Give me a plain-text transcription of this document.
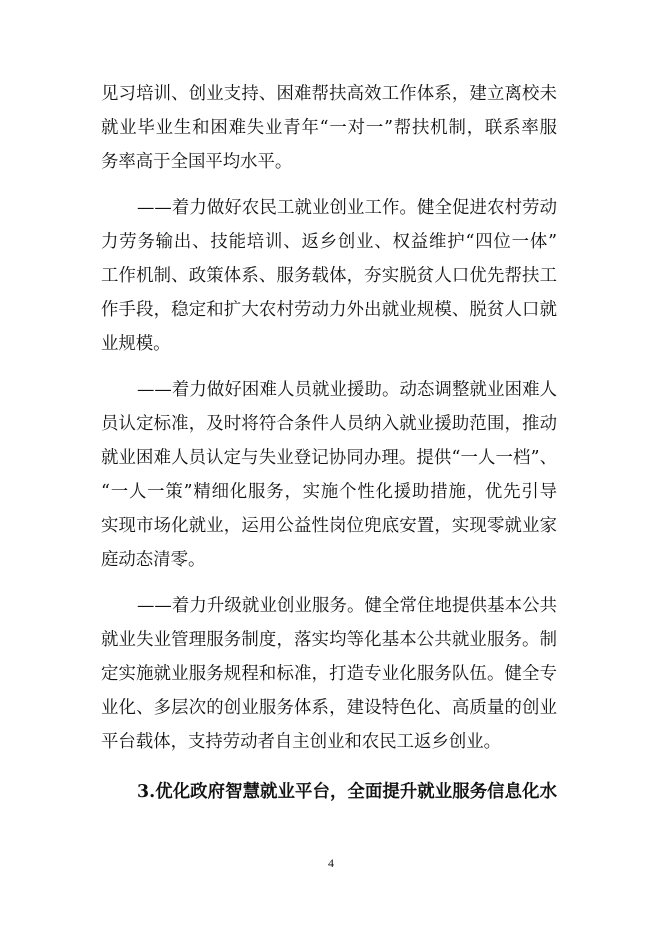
见习培训、创业支持、困难帮扶高效工作体系，建立离校未
就业毕业生和困难失业青年“一对一”帮扶机制，联系率服
务率高于全国平均水平。
——着力做好农民工就业创业工作。健全促进农村劳动
力劳务输出、技能培训、返乡创业、权益维护“四位一体”
工作机制、政策体系、服务载体，夯实脱贫人口优先帮扶工
作手段，稳定和扩大农村劳动力外出就业规模、脱贫人口就
业规模。
——着力做好困难人员就业援助。动态调整就业困难人
员认定标准，及时将符合条件人员纳入就业援助范围，推动
就业困难人员认定与失业登记协同办理。提供“一人一档”、
“一人一策”精细化服务，实施个性化援助措施，优先引导
实现市场化就业，运用公益性岗位兜底安置，实现零就业家
庭动态清零。
——着力升级就业创业服务。健全常住地提供基本公共
就业失业管理服务制度，落实均等化基本公共就业服务。制
定实施就业服务规程和标准，打造专业化服务队伍。健全专
业化、多层次的创业服务体系，建设特色化、高质量的创业
平台载体，支持劳动者自主创业和农民工返乡创业。
3.优化政府智慧就业平台，全面提升就业服务信息化水
4
